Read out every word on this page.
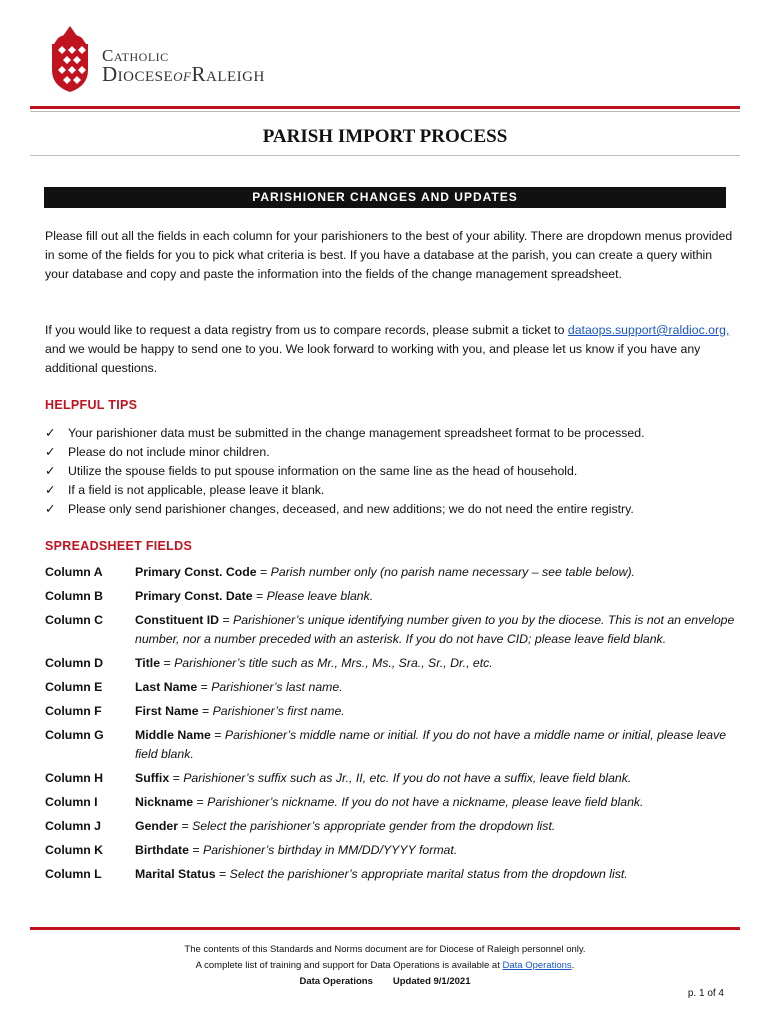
Catholic
DioceseofRaleigh
PARISH IMPORT PROCESS
PARISHIONER CHANGES AND UPDATES

Please fill out all the fields in each column for your parishioners to the best of your ability. There are dropdown menus provided in some of the fields for you to pick what criteria is best. If you have a database at the parish, you can create a query within your database and copy and paste the information into the fields of the change management spreadsheet.

If you would like to request a data registry from us to compare records, please submit a ticket to dataops.support@raldioc.org, and we would be happy to send one to you. We look forward to working with you, and please let us know if you have any additional questions.

HELPFUL TIPS
✓	Your parishioner data must be submitted in the change management spreadsheet format to be processed.
✓	Please do not include minor children.
✓	Utilize the spouse fields to put spouse information on the same line as the head of household.
✓	If a field is not applicable, please leave it blank.
✓	Please only send parishioner changes, deceased, and new additions; we do not need the entire registry.
SPREADSHEET FIELDS
Column A	Primary Const. Code = Parish number only (no parish name necessary – see table below).
Column B	Primary Const. Date = Please leave blank.
Column C	Constituent ID = Parishioner’s unique identifying number given to you by the diocese. This is not an envelope number, nor a number preceded with an asterisk. If you do not have CID; please leave field blank.
Column D	Title = Parishioner’s title such as Mr., Mrs., Ms., Sra., Sr., Dr., etc.
Column E	Last Name = Parishioner’s last name.
Column F	First Name = Parishioner’s first name.
Column G	Middle Name = Parishioner’s middle name or initial. If you do not have a middle name or initial, please leave field blank.
Column H	Suffix = Parishioner’s suffix such as Jr., II, etc. If you do not have a suffix, leave field blank.
Column I	Nickname = Parishioner’s nickname. If you do not have a nickname, please leave field blank.
Column J	Gender = Select the parishioner’s appropriate gender from the dropdown list.
Column K	Birthdate = Parishioner’s birthday in MM/DD/YYYY format.
Column L	Marital Status = Select the parishioner’s appropriate marital status from the dropdown list.
The contents of this Standards and Norms document are for Diocese of Raleigh personnel only.
A complete list of training and support for Data Operations is available at Data Operations.
Data Operations Updated 9/1/2021
p. 1 of 4
